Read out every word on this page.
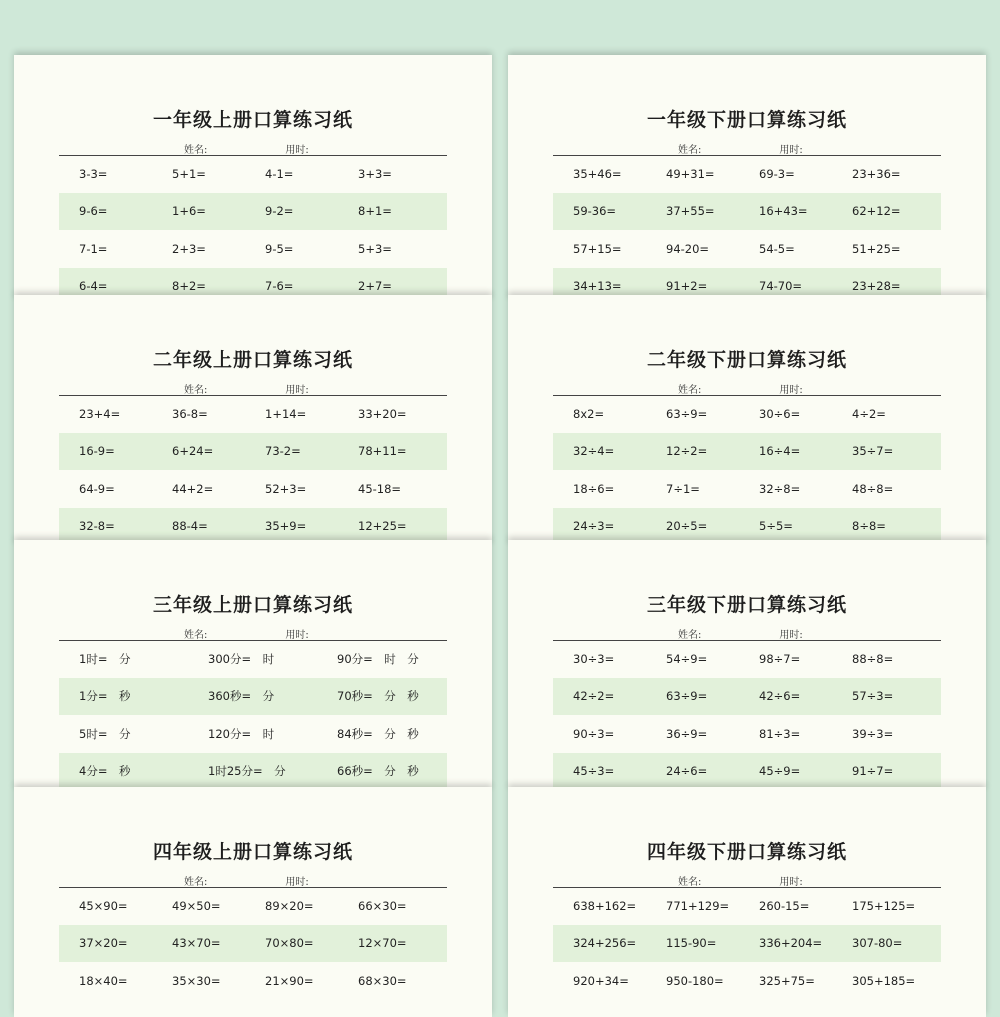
一年级上册口算练习纸
姓名:	用时:
3-3=	5+1=	4-1=	3+3=
9-6=	1+6=	9-2=	8+1=
7-1=	2+3=	9-5=	5+3=
6-4=	8+2=	7-6=	2+7=
一年级下册口算练习纸
姓名:	用时:
35+46=	49+31=	69-3=	23+36=
59-36=	37+55=	16+43=	62+12=
57+15=	94-20=	54-5=	51+25=
34+13=	91+2=	74-70=	23+28=
二年级上册口算练习纸
姓名:	用时:
23+4=	36-8=	1+14=	33+20=
16-9=	6+24=	73-2=	78+11=
64-9=	44+2=	52+3=	45-18=
32-8=	88-4=	35+9=	12+25=
二年级下册口算练习纸
姓名:	用时:
8x2=	63÷9=	30÷6=	4÷2=
32÷4=	12÷2=	16÷4=	35÷7=
18÷6=	7÷1=	32÷8=	48÷8=
24÷3=	20÷5=	5÷5=	8÷8=
三年级上册口算练习纸
姓名:	用时:
1时=　分	300分=　时	90分=　时　分
1分=　秒	360秒=　分	70秒=　分　秒
5时=　分	120分=　时	84秒=　分　秒
4分=　秒	1时25分=　分	66秒=　分　秒
三年级下册口算练习纸
姓名:	用时:
30÷3=	54÷9=	98÷7=	88÷8=
42÷2=	63÷9=	42÷6=	57÷3=
90÷3=	36÷9=	81÷3=	39÷3=
45÷3=	24÷6=	45÷9=	91÷7=
四年级上册口算练习纸
姓名:	用时:
45×90=	49×50=	89×20=	66×30=
37×20=	43×70=	70×80=	12×70=
18×40=	35×30=	21×90=	68×30=
四年级下册口算练习纸
姓名:	用时:
638+162=	771+129=	260-15=	175+125=
324+256=	115-90=	336+204=	307-80=
920+34=	950-180=	325+75=	305+185=
